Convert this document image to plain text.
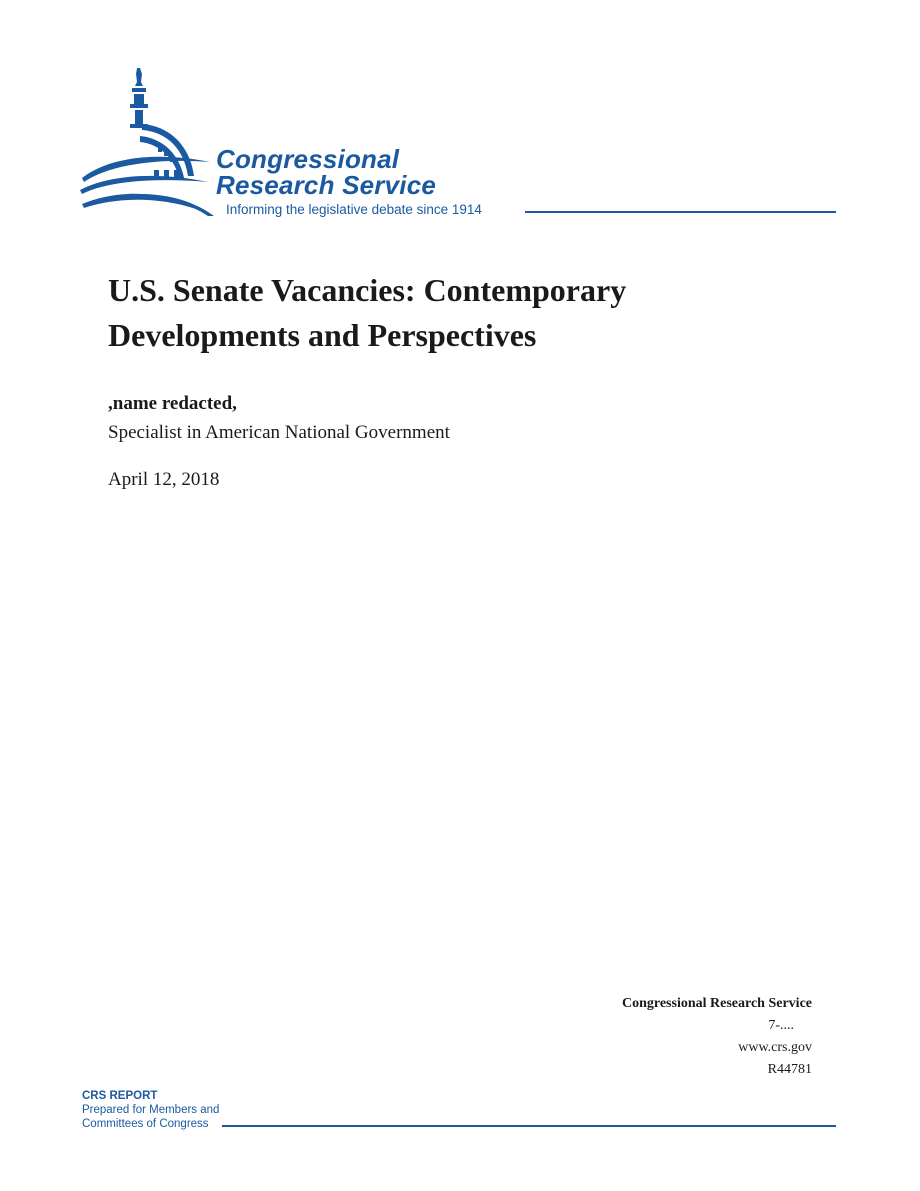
Congressional
Research Service
Informing the legislative debate since 1914
U.S. Senate Vacancies: Contemporary
Developments and Perspectives
,name redacted,
Specialist in American National Government
April 12, 2018
Congressional Research Service
7-....
www.crs.gov
R44781
CRS REPORT
Prepared for Members and
Committees of Congress
